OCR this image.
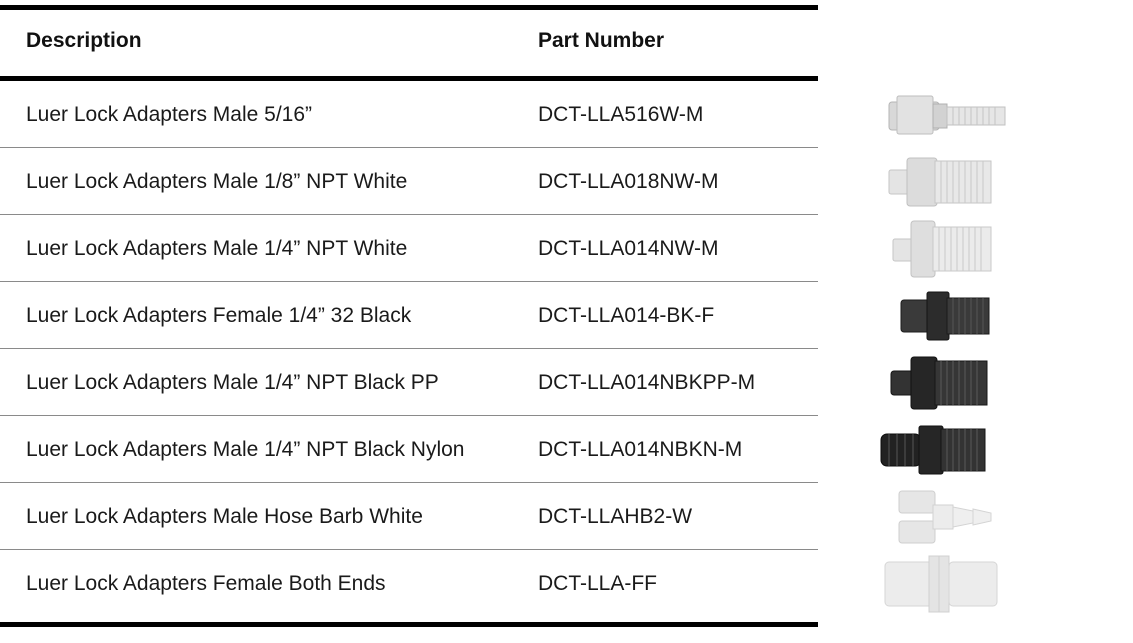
Description	Part Number
Luer Lock Adapters Male 5/16”	DCT-LLA516W-M
Luer Lock Adapters Male 1/8” NPT White	DCT-LLA018NW-M
Luer Lock Adapters Male 1/4” NPT White	DCT-LLA014NW-M
Luer Lock Adapters Female 1/4” 32 Black	DCT-LLA014-BK-F
Luer Lock Adapters Male 1/4” NPT Black PP	DCT-LLA014NBKPP-M
Luer Lock Adapters Male 1/4” NPT Black Nylon	DCT-LLA014NBKN-M
Luer Lock Adapters Male Hose Barb White	DCT-LLAHB2-W
Luer Lock Adapters Female Both Ends	DCT-LLA-FF
